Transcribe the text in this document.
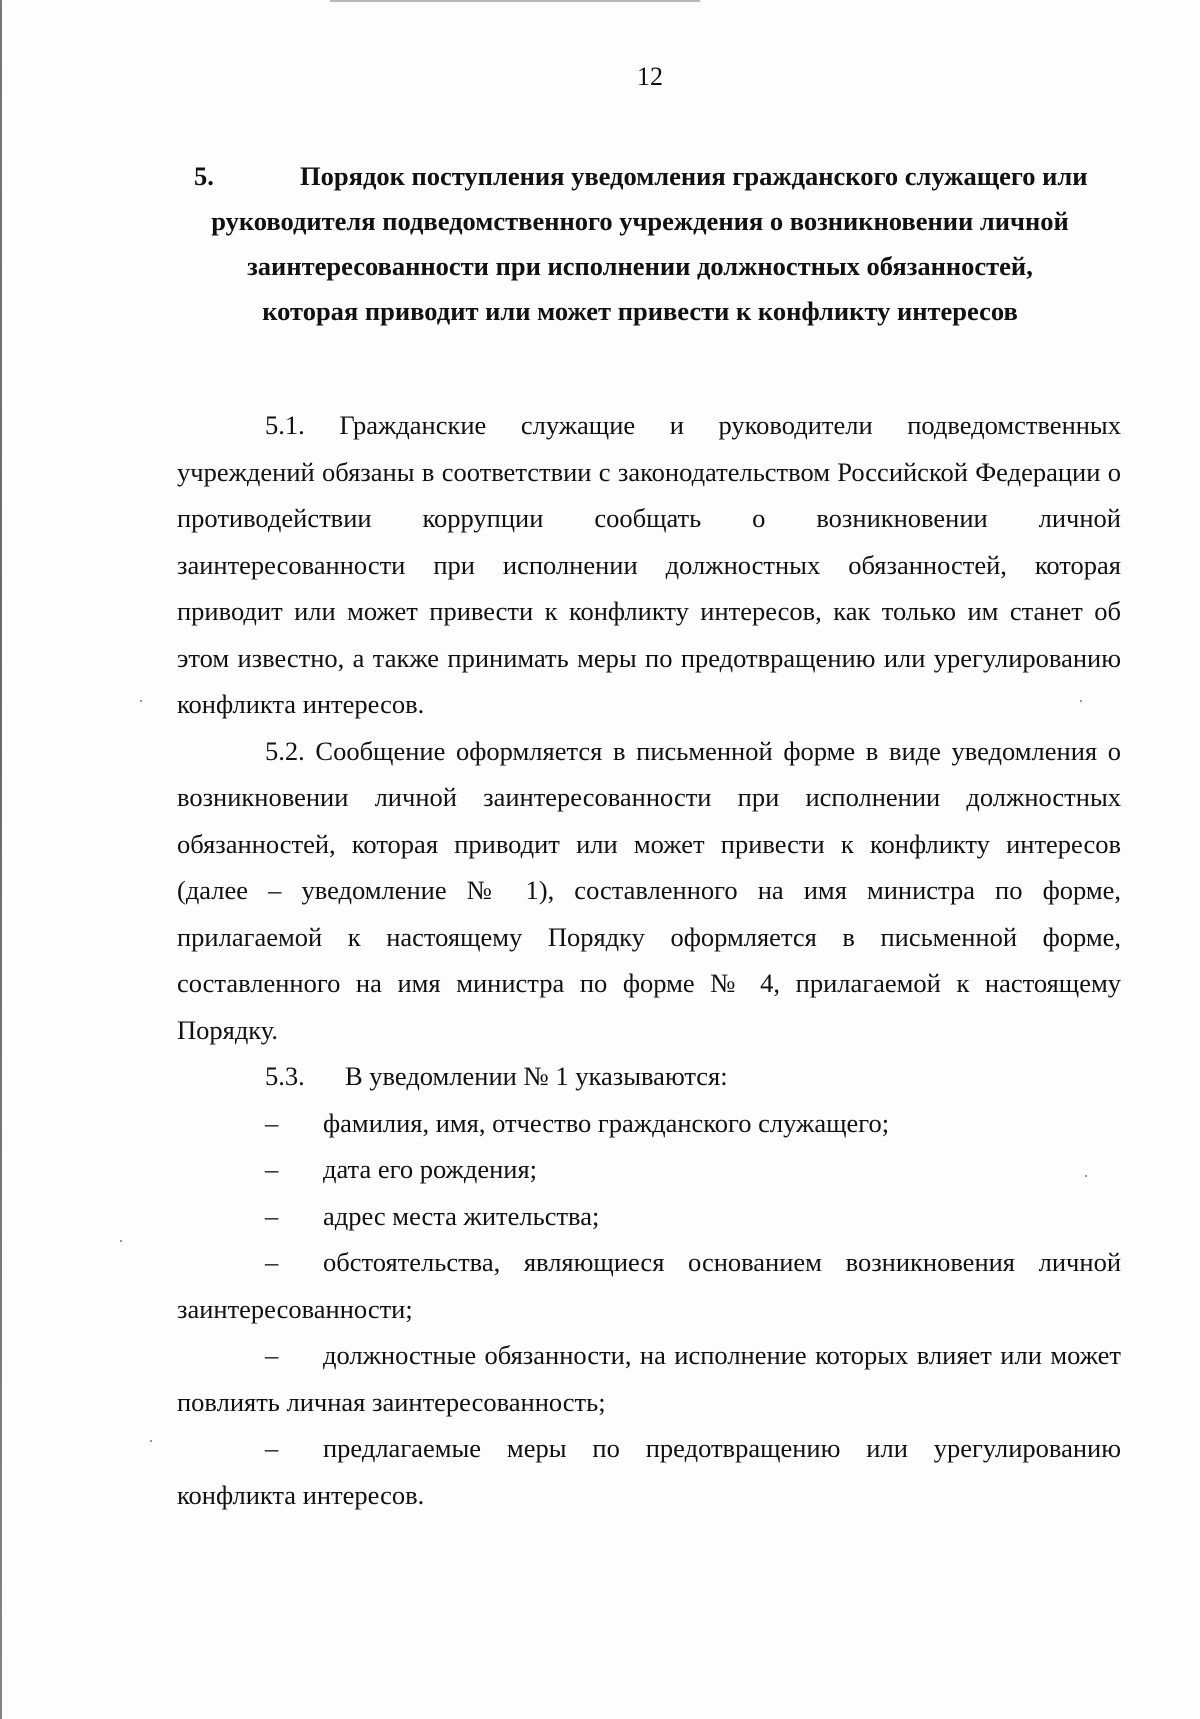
12
5.	Порядок поступления уведомления гражданского служащего или
руководителя подведомственного учреждения о возникновении личной
заинтересованности при исполнении должностных обязанностей,
которая приводит или может привести к конфликту интересов

5.1. Гражданские служащие и руководители подведомственных учреждений обязаны в соответствии с законодательством Российской Федерации о противодействии коррупции сообщать о возникновении личной заинтересованности при исполнении должностных обязанностей, которая приводит или может привести к конфликту интересов, как только им станет об этом известно, а также принимать меры по предотвращению или урегулированию конфликта интересов.

5.2. Сообщение оформляется в письменной форме в виде уведомления о возникновении личной заинтересованности при исполнении должностных обязанностей, которая приводит или может привести к конфликту интересов (далее – уведомление № 1), составленного на имя министра по форме, прилагаемой к настоящему Порядку оформляется в письменной форме, составленного на имя министра по форме № 4, прилагаемой к настоящему Порядку.

5.3. В уведомлении № 1 указываются:

– фамилия, имя, отчество гражданского служащего;

– дата его рождения;

– адрес места жительства;

– обстоятельства, являющиеся основанием возникновения личной заинтересованности;

– должностные обязанности, на исполнение которых влияет или может повлиять личная заинтересованность;

– предлагаемые меры по предотвращению или урегулированию конфликта интересов.
